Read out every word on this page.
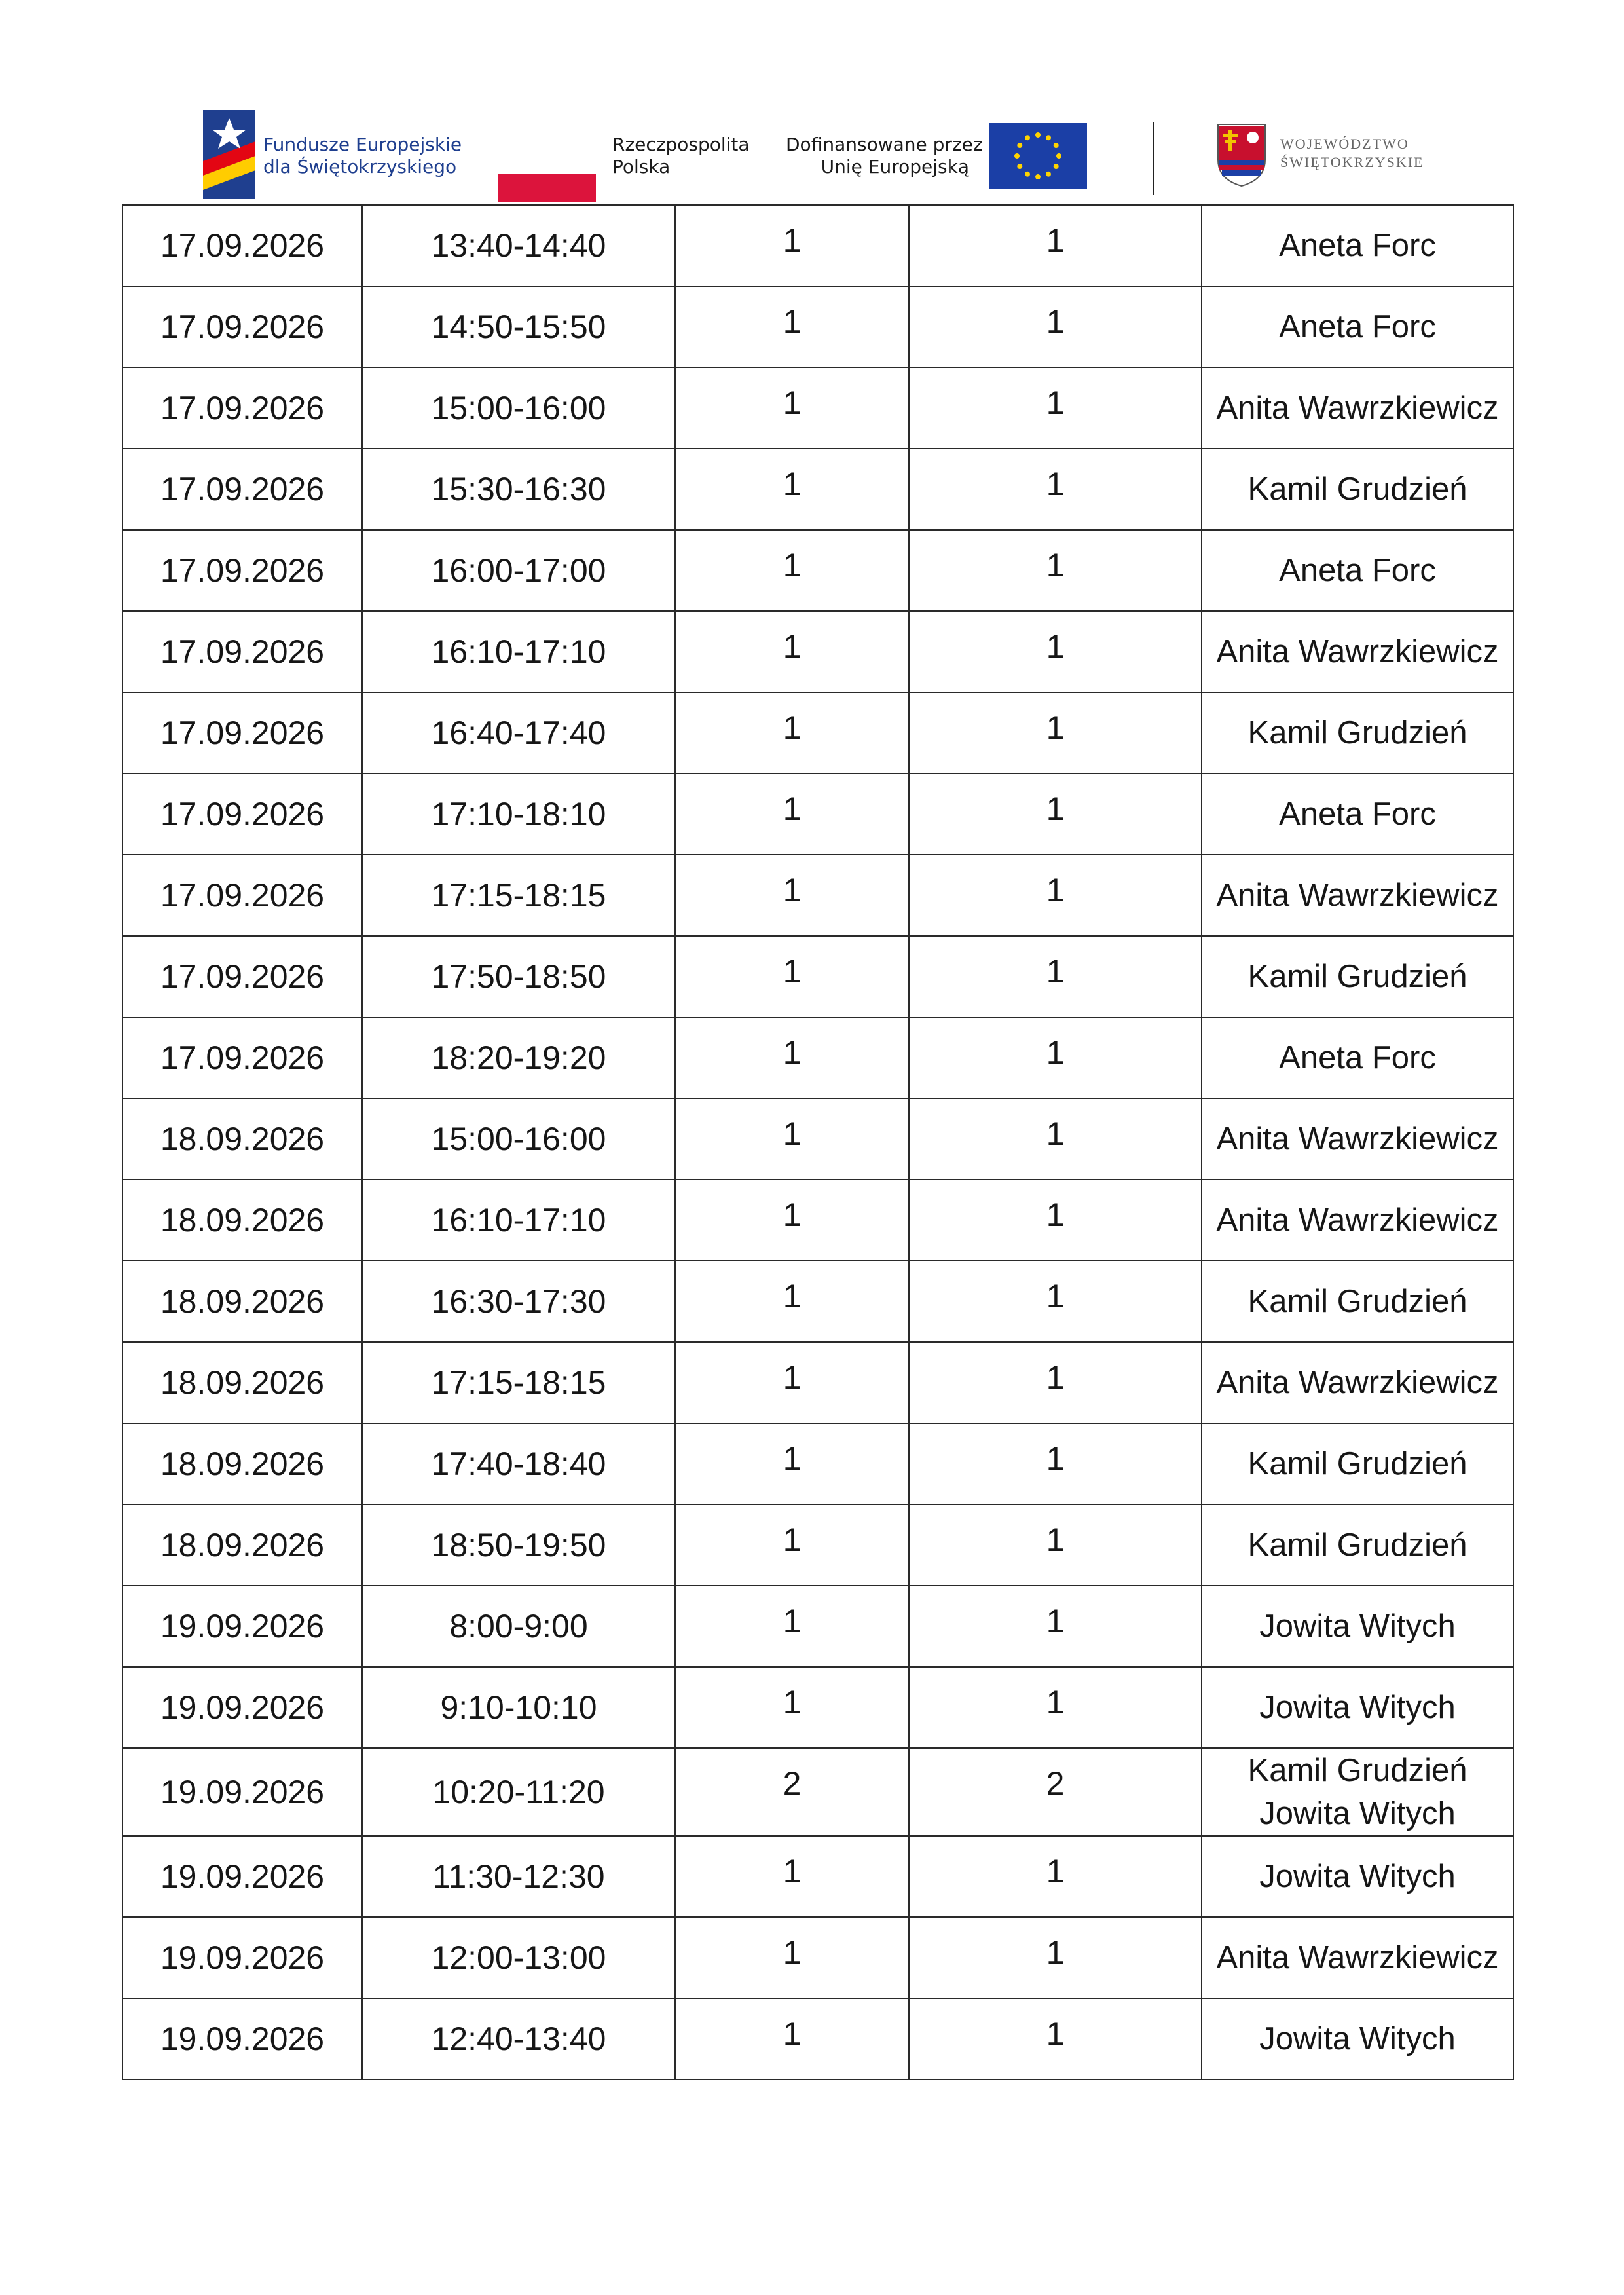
Fundusze Europejskie
dla Świętokrzyskiego
Rzeczpospolita
Polska
Dofinansowane przez
Unię Europejską
WOJEWÓDZTWO
ŚWIĘTOKRZYSKIE
17.09.2026	13:40-14:40	1	1	Aneta Forc

17.09.2026	14:50-15:50	1	1	Aneta Forc

17.09.2026	15:00-16:00	1	1	Anita Wawrzkiewicz

17.09.2026	15:30-16:30	1	1	Kamil Grudzień

17.09.2026	16:00-17:00	1	1	Aneta Forc

17.09.2026	16:10-17:10	1	1	Anita Wawrzkiewicz

17.09.2026	16:40-17:40	1	1	Kamil Grudzień

17.09.2026	17:10-18:10	1	1	Aneta Forc

17.09.2026	17:15-18:15	1	1	Anita Wawrzkiewicz

17.09.2026	17:50-18:50	1	1	Kamil Grudzień

17.09.2026	18:20-19:20	1	1	Aneta Forc

18.09.2026	15:00-16:00	1	1	Anita Wawrzkiewicz

18.09.2026	16:10-17:10	1	1	Anita Wawrzkiewicz

18.09.2026	16:30-17:30	1	1	Kamil Grudzień

18.09.2026	17:15-18:15	1	1	Anita Wawrzkiewicz

18.09.2026	17:40-18:40	1	1	Kamil Grudzień

18.09.2026	18:50-19:50	1	1	Kamil Grudzień

19.09.2026	8:00-9:00	1	1	Jowita Witych

19.09.2026	9:10-10:10	1	1	Jowita Witych

19.09.2026	10:20-11:20	2	2	Kamil Grudzień
Jowita Witych

19.09.2026	11:30-12:30	1	1	Jowita Witych

19.09.2026	12:00-13:00	1	1	Anita Wawrzkiewicz

19.09.2026	12:40-13:40	1	1	Jowita Witych
